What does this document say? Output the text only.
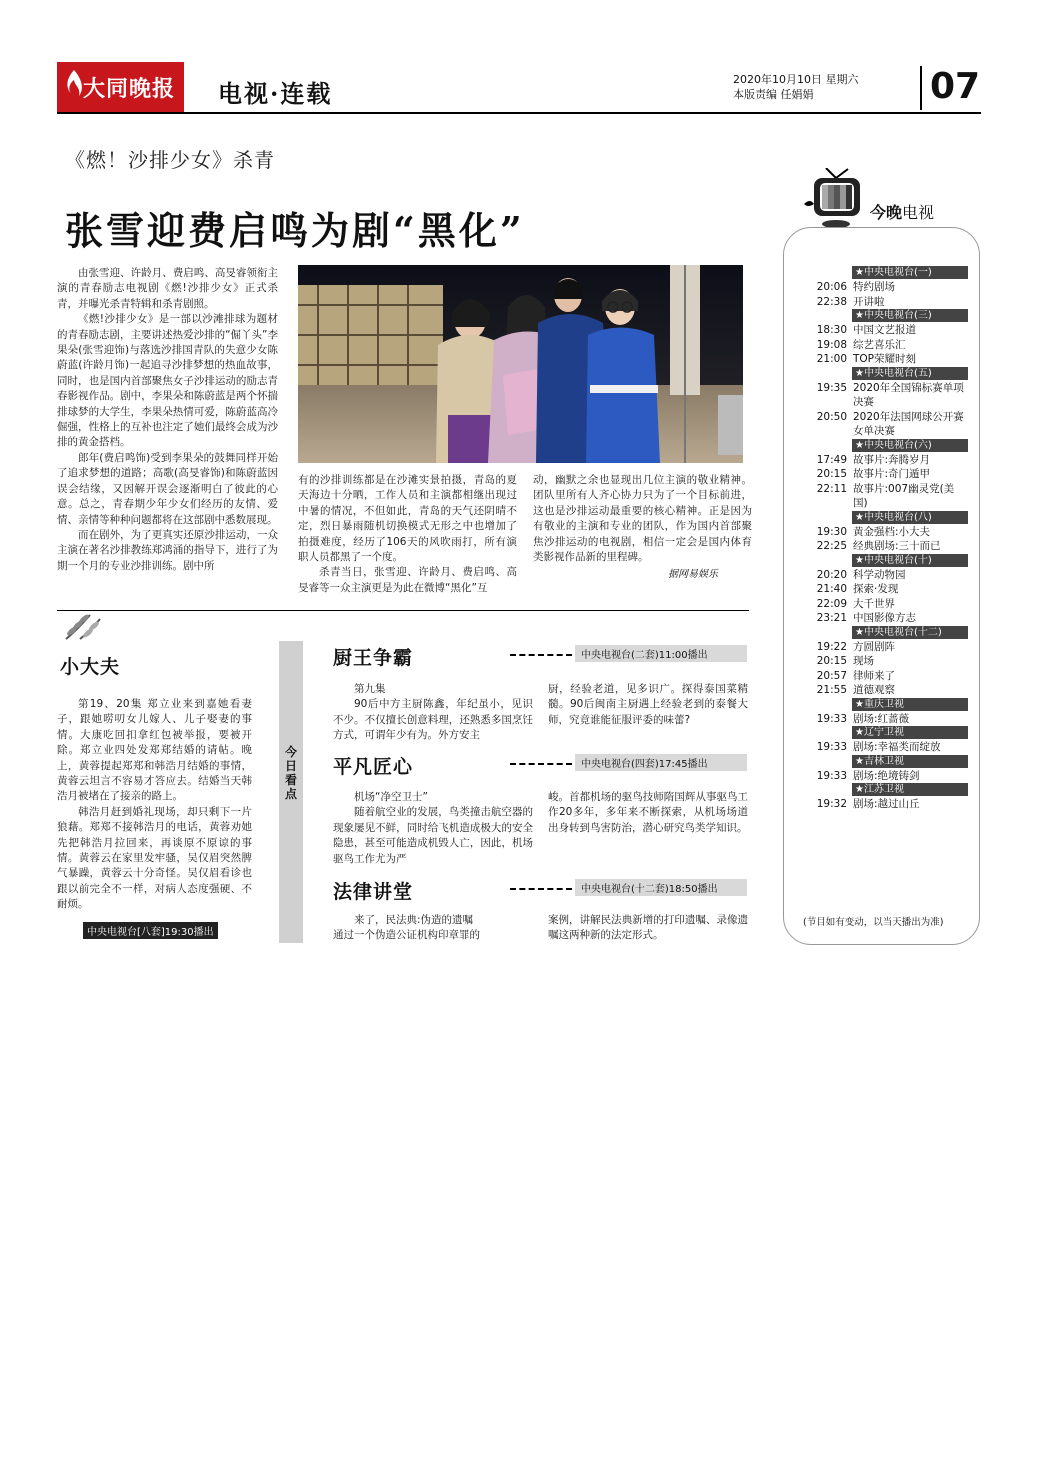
大同晚报 电视·连载	2020年10月10日 星期六
本版责编 任娟娟	07
《燃！沙排少女》杀青
张雪迎费启鸣为剧“黑化”

由张雪迎、许龄月、费启鸣、高旻睿领衔主演的青春励志电视剧《燃!沙排少女》正式杀青，并曝光杀青特辑和杀青剧照。

《燃!沙排少女》是一部以沙滩排球为题材的青春励志剧，主要讲述热爱沙排的“倔丫头”李果朵(张雪迎饰)与落选沙排国青队的失意少女陈蔚蓝(许龄月饰)一起追寻沙排梦想的热血故事，同时，也是国内首部聚焦女子沙排运动的励志青春影视作品。剧中，李果朵和陈蔚蓝是两个怀揣排球梦的大学生，李果朵热情可爱，陈蔚蓝高冷倔强，性格上的互补也注定了她们最终会成为沙排的黄金搭档。

郎年(费启鸣饰)受到李果朵的鼓舞同样开始了追求梦想的道路；高歌(高旻睿饰)和陈蔚蓝因误会结缘，又因解开误会逐渐明白了彼此的心意。总之，青春期少年少女们经历的友情、爱情、亲情等种种问题都将在这部剧中悉数展现。

而在剧外，为了更真实还原沙排运动，一众主演在著名沙排教练郑鸿涌的指导下，进行了为期一个月的专业沙排训练。剧中所

有的沙排训练都是在沙滩实景拍摄，青岛的夏天海边十分晒，工作人员和主演都相继出现过中暑的情况，不但如此，青岛的天气还阴晴不定，烈日暴雨随机切换模式无形之中也增加了拍摄难度，经历了106天的风吹雨打，所有演职人员都黑了一个度。

杀青当日，张雪迎、许龄月、费启鸣、高旻睿等一众主演更是为此在微博“黑化”互

动，幽默之余也显现出几位主演的敬业精神。团队里所有人齐心协力只为了一个目标前进，这也是沙排运动最重要的核心精神。正是因为有敬业的主演和专业的团队，作为国内首部聚焦沙排运动的电视剧，相信一定会是国内体育类影视作品新的里程碑。

据网易娱乐
小大夫

第19、20集 郑立业来到嘉她看妻子，跟她唠叨女儿嫁人、儿子娶妻的事情。大康吃回扣拿红包被举报，要被开除。郑立业四处发郑郑结婚的请帖。晚上，黄蓉提起郑郑和韩浩月结婚的事情，黄蓉云坦言不容易才答应去。结婚当天韩浩月被堵在了接亲的路上。

韩浩月赶到婚礼现场，却只剩下一片狼藉。郑郑不接韩浩月的电话，黄蓉劝她先把韩浩月拉回来，再谈原不原谅的事情。黄蓉云在家里发牢骚，吴仅眉突然脾气暴躁，黄蓉云十分奇怪。吴仅眉看诊也跟以前完全不一样，对病人态度强硬、不耐烦。

中央电视台[八套]19:30播出
今日看点
厨王争霸	中央电视台(二套)11:00播出

第九集

90后中方主厨陈鑫，年纪虽小，见识不少。不仅擅长创意料理，还熟悉多国烹饪方式，可谓年少有为。外方安主

厨，经验老道，见多识广。探得泰国菜精髓。90后闽南主厨遇上经验老到的泰餐大师，究竟谁能征服评委的味蕾?

平凡匠心	中央电视台(四套)17:45播出

机场“净空卫士”

随着航空业的发展，鸟类撞击航空器的现象屡见不鲜，同时给飞机造成极大的安全隐患，甚至可能造成机毁人亡，因此，机场驱鸟工作尤为严

峻。首都机场的驱鸟技师隋国辉从事驱鸟工作20多年，多年来不断探索，从机场场道出身转到鸟害防治，潜心研究鸟类学知识。

法律讲堂	中央电视台(十二套)18:50播出

来了，民法典:伪造的遗嘱

通过一个伪造公证机构印章罪的

案例，讲解民法典新增的打印遗嘱、录像遗嘱这两种新的法定形式。

今晚电视
★中央电视台(一)
20:06 特约剧场
22:38 开讲啦
★中央电视台(三)
18:30 中国文艺报道
19:08 综艺喜乐汇
21:00 TOP荣耀时刻
★中央电视台(五)
19:35 2020年全国锦标赛单项决赛
20:50 2020年法国网球公开赛女单决赛
★中央电视台(六)
17:49 故事片:奔腾岁月
20:15 故事片:奇门遁甲
22:11 故事片:007幽灵党(美国)
★中央电视台(八)
19:30 黄金强档:小大夫
22:25 经典剧场:三十而已
★中央电视台(十)
20:20 科学动物园
21:40 探索·发现
22:09 大千世界
23:21 中国影像方志
★中央电视台(十二)
19:22 方圆剧阵
20:15 现场
20:57 律师来了
21:55 道德观察
★重庆卫视
19:33 剧场:红蔷薇
★辽宁卫视
19:33 剧场:幸福类而绽放
★吉林卫视
19:33 剧场:绝境铸剑
★江苏卫视
19:32 剧场:越过山丘
(节目如有变动，以当天播出为准)
